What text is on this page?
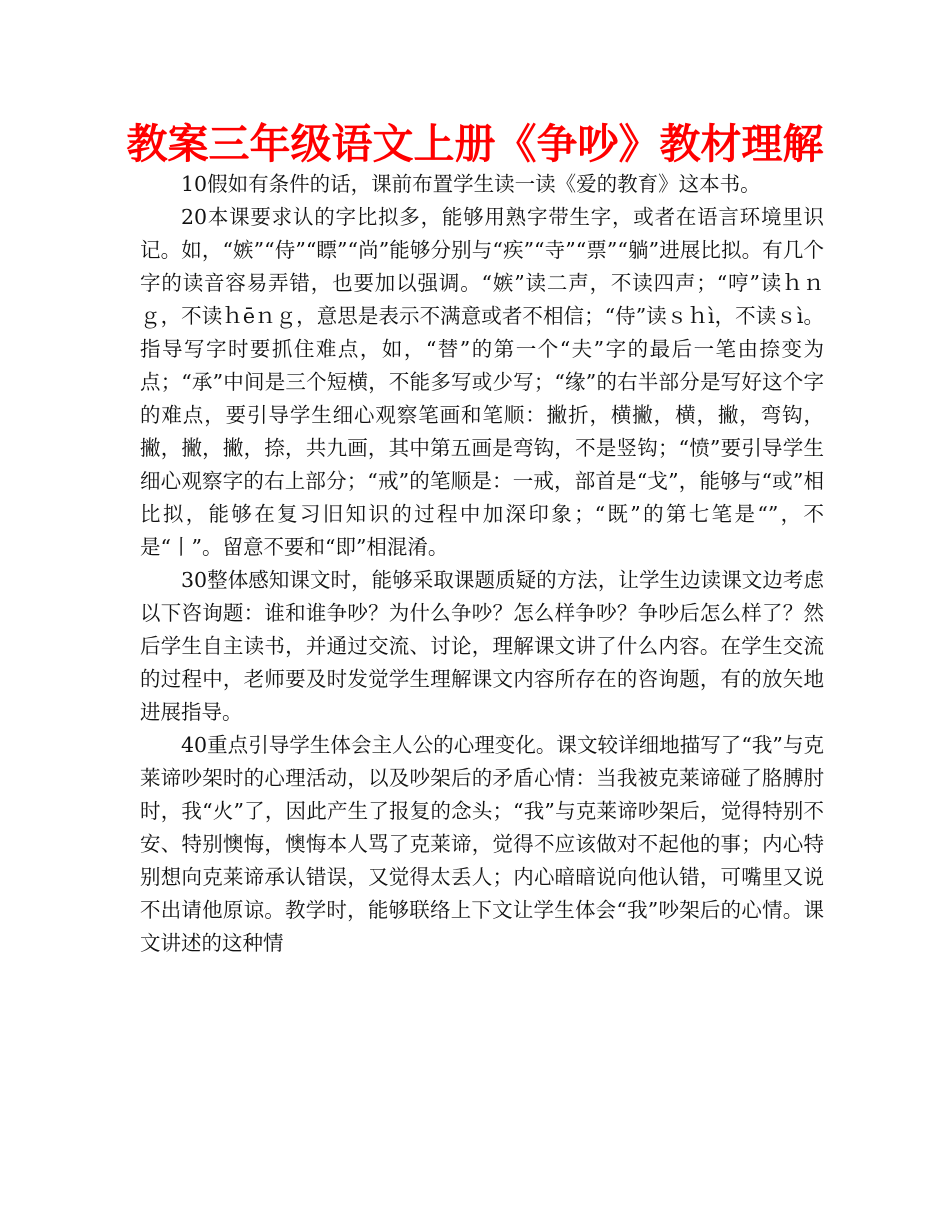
教案三年级语文上册《争吵》教材理解

10假如有条件的话，课前布置学生读一读《爱的教育》这本书。

20本课要求认的字比拟多，能够用熟字带生字，或者在语言环境里识记。如，“嫉”“侍”“瞟”“尚”能够分别与“疾”“寺”“票”“躺”进展比拟。有几个字的读音容易弄错，也要加以强调。“嫉”读二声，不读四声；“哼”读ｈｎｇ，不读ｈēｎｇ，意思是表示不满意或者不相信；“侍”读ｓｈì，不读ｓì。指导写字时要抓住难点，如，“替”的第一个“夫”字的最后一笔由捺变为点；“承”中间是三个短横，不能多写或少写；“缘”的右半部分是写好这个字的难点，要引导学生细心观察笔画和笔顺：撇折，横撇，横，撇，弯钩，撇，撇，撇，捺，共九画，其中第五画是弯钩，不是竖钩；“愤”要引导学生细心观察字的右上部分；“戒”的笔顺是：一戒，部首是“戈”，能够与“或”相比拟，能够在复习旧知识的过程中加深印象；“既”的第七笔是“”，不是“丨”。留意不要和“即”相混淆。

30整体感知课文时，能够采取课题质疑的方法，让学生边读课文边考虑以下咨询题：谁和谁争吵？为什么争吵？怎么样争吵？争吵后怎么样了？然后学生自主读书，并通过交流、讨论，理解课文讲了什么内容。在学生交流的过程中，老师要及时发觉学生理解课文内容所存在的咨询题，有的放矢地进展指导。

40重点引导学生体会主人公的心理变化。课文较详细地描写了“我”与克莱谛吵架时的心理活动，以及吵架后的矛盾心情：当我被克莱谛碰了胳膊肘时，我“火”了，因此产生了报复的念头；“我”与克莱谛吵架后，觉得特别不安、特别懊悔，懊悔本人骂了克莱谛，觉得不应该做对不起他的事；内心特别想向克莱谛承认错误，又觉得太丢人；内心暗暗说向他认错，可嘴里又说不出请他原谅。教学时，能够联络上下文让学生体会“我”吵架后的心情。课文讲述的这种情
